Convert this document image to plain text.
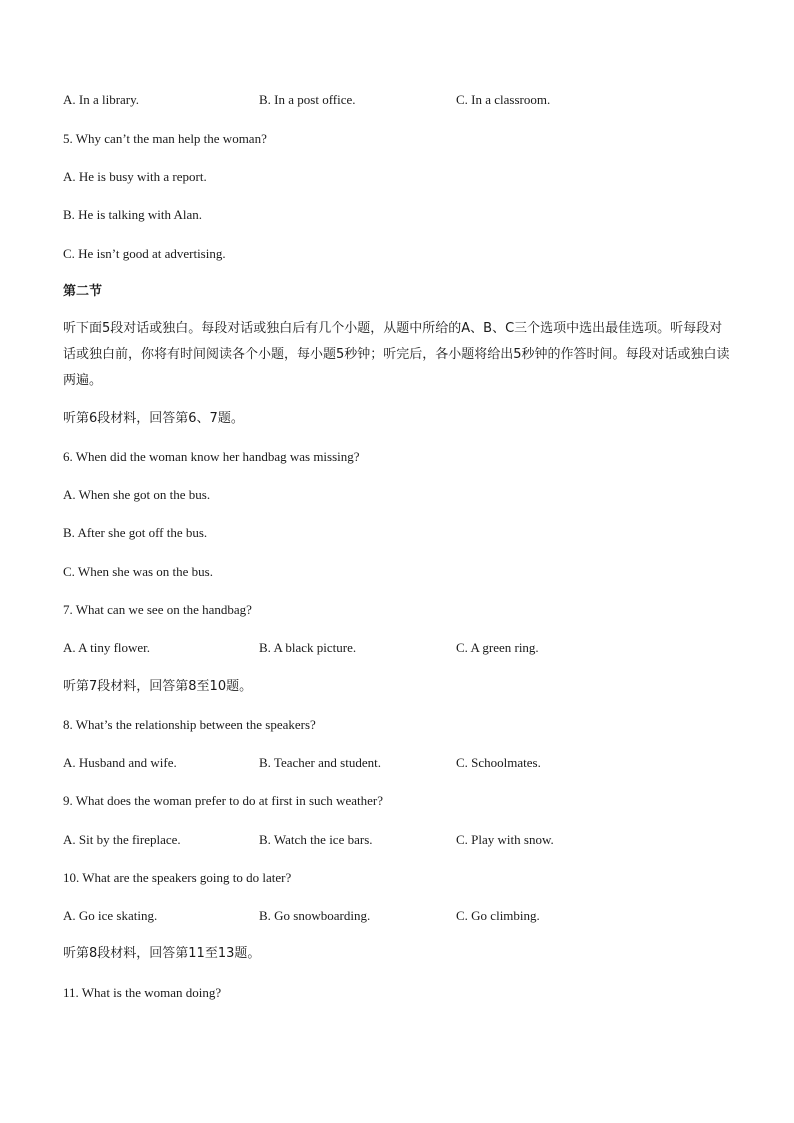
A. In a library.	B. In a post office.	C. In a classroom.
5. Why can’t the man help the woman?
A. He is busy with a report.
B. He is talking with Alan.
C. He isn’t good at advertising.
第二节
听下面5段对话或独白。每段对话或独白后有几个小题，从题中所给的A、B、C三个选项中选出最佳选项。听每段对话或独白前，你将有时间阅读各个小题，每小题5秒钟；听完后，各小题将给出5秒钟的作答时间。每段对话或独白读两遍。
听第6段材料，回答第6、7题。
6. When did the woman know her handbag was missing?
A. When she got on the bus.
B. After she got off the bus.
C. When she was on the bus.
7. What can we see on the handbag?
A. A tiny flower.	B. A black picture.	C. A green ring.
听第7段材料，回答第8至10题。
8. What’s the relationship between the speakers?
A. Husband and wife.	B. Teacher and student.	C. Schoolmates.
9. What does the woman prefer to do at first in such weather?
A. Sit by the fireplace.	B. Watch the ice bars.	C. Play with snow.
10. What are the speakers going to do later?
A. Go ice skating.	B. Go snowboarding.	C. Go climbing.
听第8段材料，回答第11至13题。
11. What is the woman doing?
